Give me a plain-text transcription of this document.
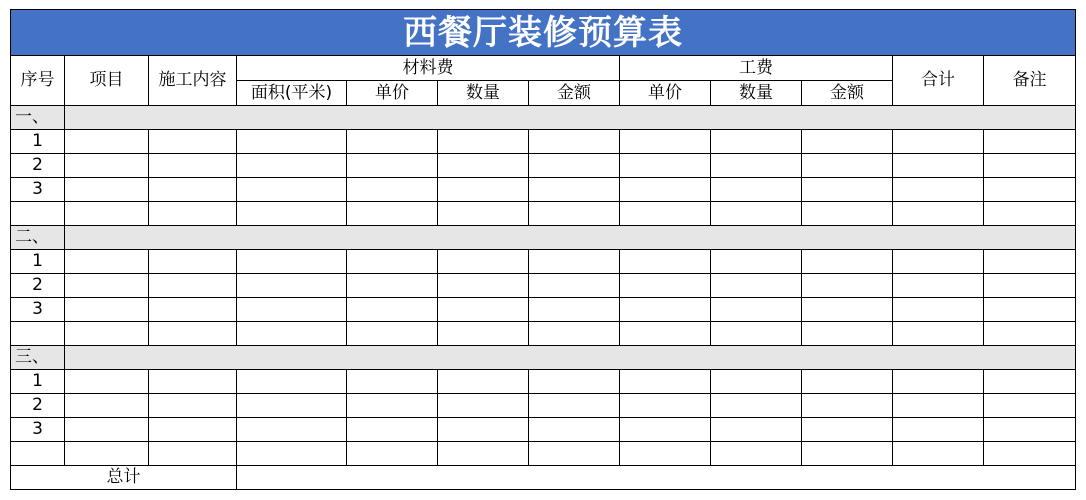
西餐厅装修预算表											
序号	项目	施工内容	材料费				工费			合计	备注
			面积(平米)	单价	数量	金额	单价	数量	金额		
一、											
1											
2											
3											

二、											
1											
2											
3											

三、											
1											
2											
3											

总计											
